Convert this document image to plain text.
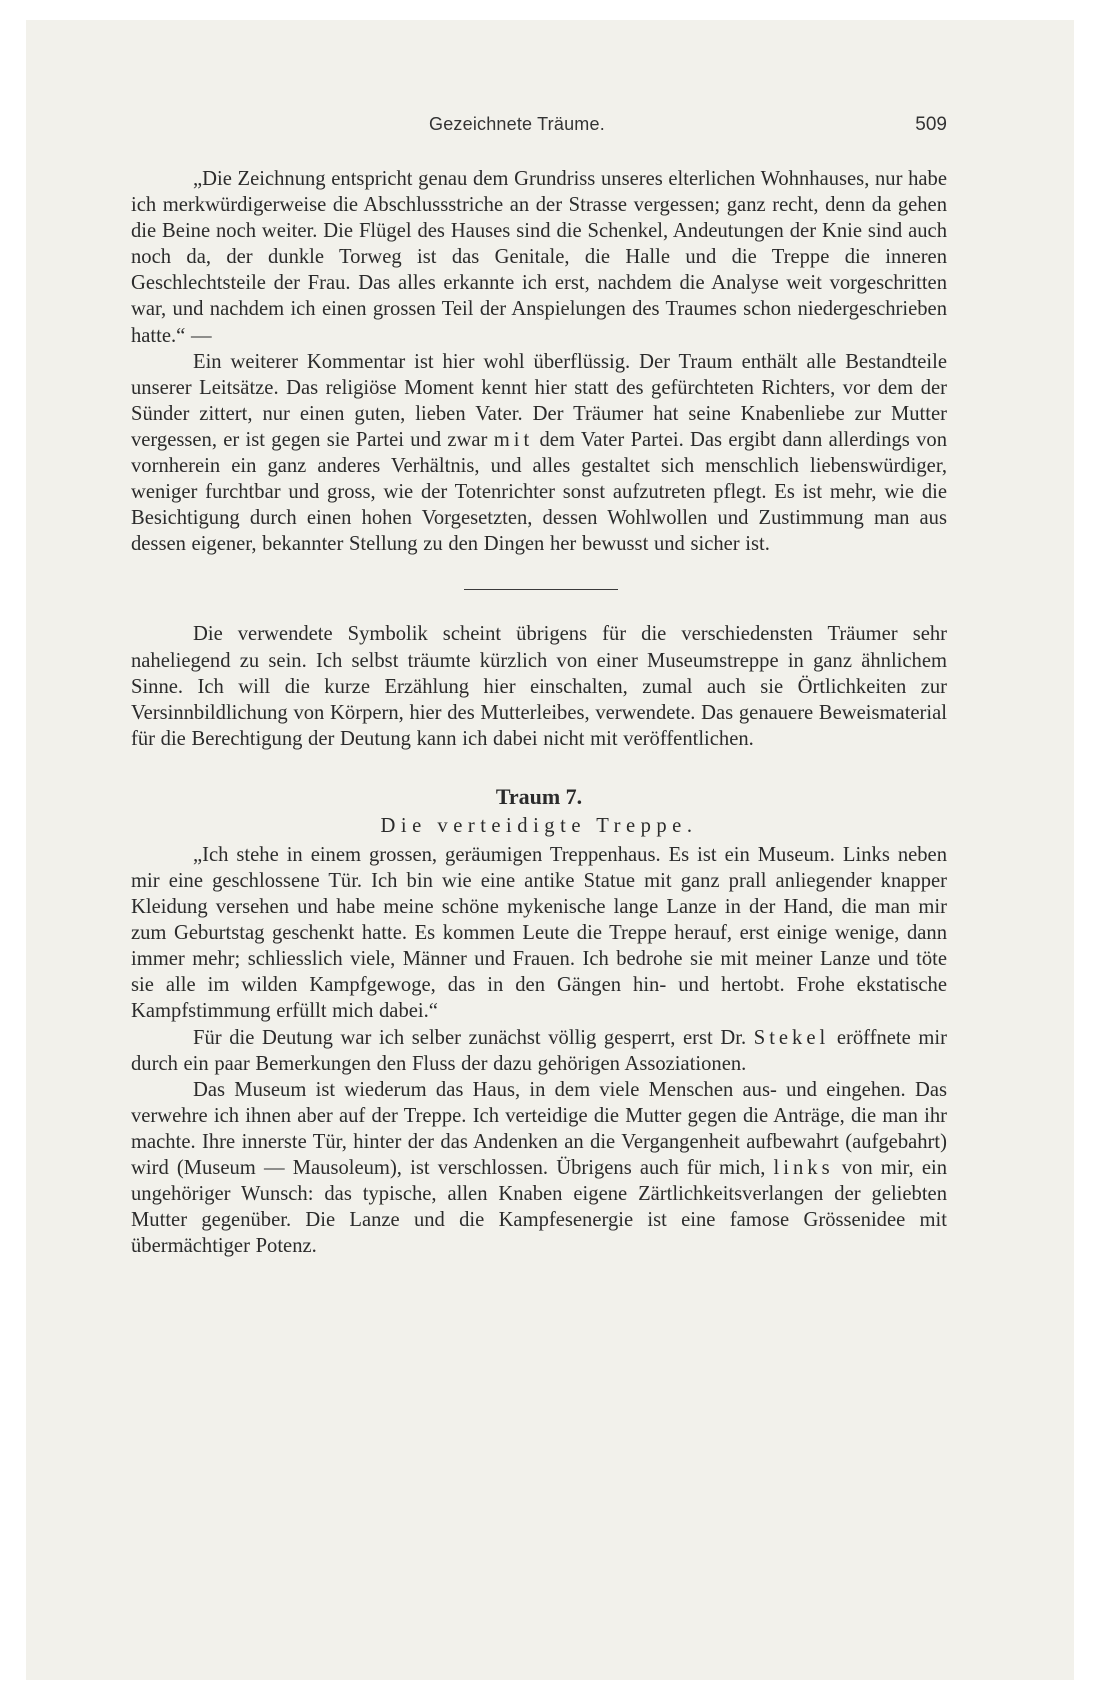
Gezeichnete Träume.	509

„Die Zeichnung entspricht genau dem Grundriss unseres elterlichen Wohnhauses, nur habe ich merkwürdigerweise die Abschlussstriche an der Strasse vergessen; ganz recht, denn da gehen die Beine noch weiter. Die Flügel des Hauses sind die Schenkel, Andeutungen der Knie sind auch noch da, der dunkle Torweg ist das Genitale, die Halle und die Treppe die inneren Geschlechtsteile der Frau. Das alles erkannte ich erst, nachdem die Analyse weit vorgeschritten war, und nachdem ich einen grossen Teil der Anspielungen des Traumes schon niedergeschrieben hatte.“ —

Ein weiterer Kommentar ist hier wohl überflüssig. Der Traum enthält alle Bestandteile unserer Leitsätze. Das religiöse Moment kennt hier statt des gefürchteten Richters, vor dem der Sünder zittert, nur einen guten, lieben Vater. Der Träumer hat seine Knabenliebe zur Mutter vergessen, er ist gegen sie Partei und zwar mit dem Vater Partei. Das ergibt dann allerdings von vornherein ein ganz anderes Verhältnis, und alles gestaltet sich menschlich liebenswürdiger, weniger furchtbar und gross, wie der Totenrichter sonst aufzutreten pflegt. Es ist mehr, wie die Besichtigung durch einen hohen Vorgesetzten, dessen Wohlwollen und Zustimmung man aus dessen eigener, bekannter Stellung zu den Dingen her bewusst und sicher ist.

Die verwendete Symbolik scheint übrigens für die verschiedensten Träumer sehr naheliegend zu sein. Ich selbst träumte kürzlich von einer Museumstreppe in ganz ähnlichem Sinne. Ich will die kurze Erzählung hier einschalten, zumal auch sie Örtlichkeiten zur Versinnbildlichung von Körpern, hier des Mutterleibes, verwendete. Das genauere Beweismaterial für die Berechtigung der Deutung kann ich dabei nicht mit veröffentlichen.

Traum 7.
Die verteidigte Treppe.

„Ich stehe in einem grossen, geräumigen Treppenhaus. Es ist ein Museum. Links neben mir eine geschlossene Tür. Ich bin wie eine antike Statue mit ganz prall anliegender knapper Kleidung versehen und habe meine schöne mykenische lange Lanze in der Hand, die man mir zum Geburtstag geschenkt hatte. Es kommen Leute die Treppe herauf, erst einige wenige, dann immer mehr; schliesslich viele, Männer und Frauen. Ich bedrohe sie mit meiner Lanze und töte sie alle im wilden Kampfgewoge, das in den Gängen hin- und hertobt. Frohe ekstatische Kampfstimmung erfüllt mich dabei.“

Für die Deutung war ich selber zunächst völlig gesperrt, erst Dr. Stekel eröffnete mir durch ein paar Bemerkungen den Fluss der dazu gehörigen Assoziationen.

Das Museum ist wiederum das Haus, in dem viele Menschen aus- und eingehen. Das verwehre ich ihnen aber auf der Treppe. Ich verteidige die Mutter gegen die Anträge, die man ihr machte. Ihre innerste Tür, hinter der das Andenken an die Vergangenheit aufbewahrt (aufgebahrt) wird (Museum — Mausoleum), ist verschlossen. Übrigens auch für mich, links von mir, ein ungehöriger Wunsch: das typische, allen Knaben eigene Zärtlichkeitsverlangen der geliebten Mutter gegenüber. Die Lanze und die Kampfesenergie ist eine famose Grössenidee mit übermächtiger Potenz.
